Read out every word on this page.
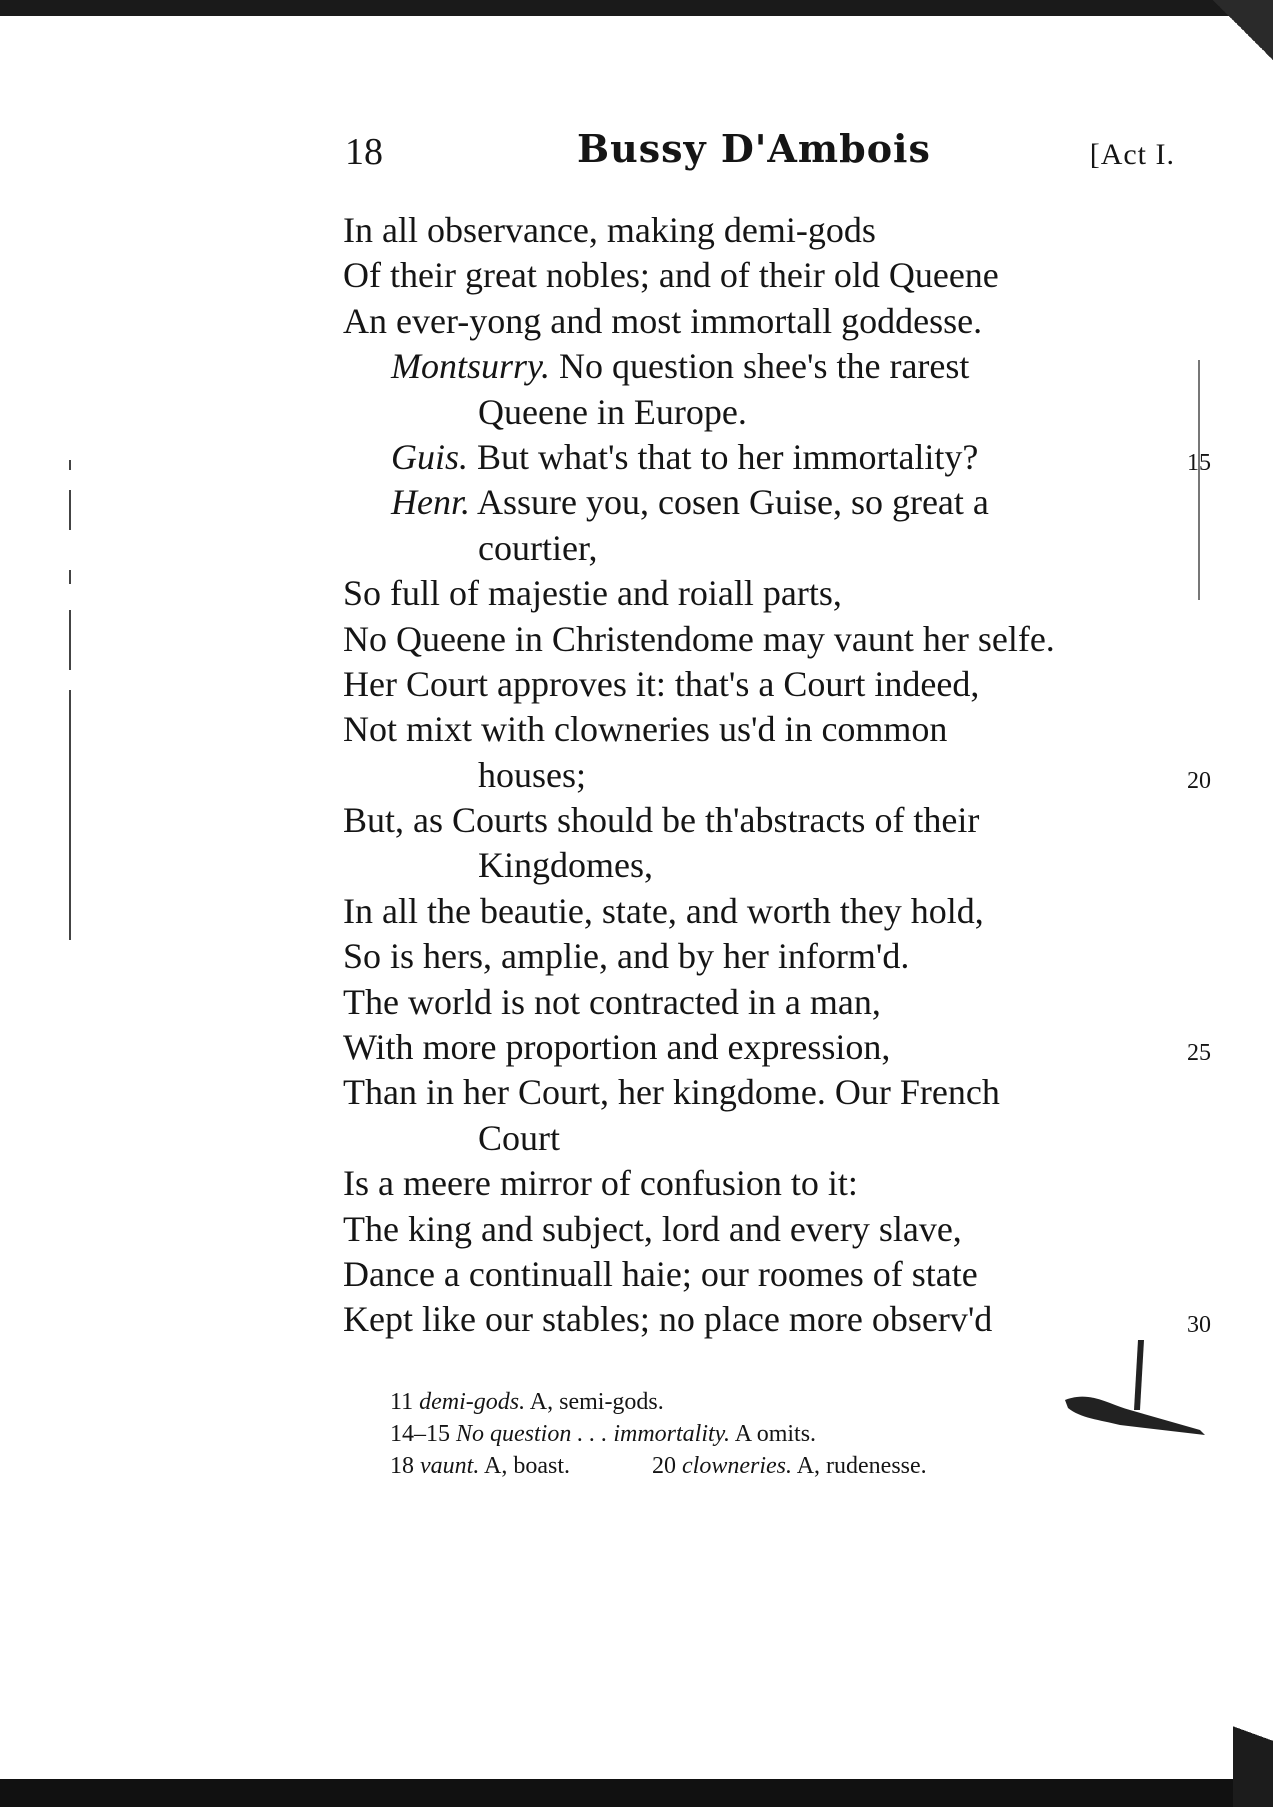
18	Bussy D'Ambois	[Act I.
In all observance, making demi-gods
Of their great nobles; and of their old Queene
An ever-yong and most immortall goddesse.
Montsurry. No question shee's the rarest
Queene in Europe.
Guis. But what's that to her immortality?	15
Henr. Assure you, cosen Guise, so great a
courtier,
So full of majestie and roiall parts,
No Queene in Christendome may vaunt her selfe.
Her Court approves it: that's a Court indeed,
Not mixt with clowneries us'd in common
houses;	20
But, as Courts should be th'abstracts of their
Kingdomes,
In all the beautie, state, and worth they hold,
So is hers, amplie, and by her inform'd.
The world is not contracted in a man,
With more proportion and expression,	25
Than in her Court, her kingdome. Our French
Court
Is a meere mirror of confusion to it:
The king and subject, lord and every slave,
Dance a continuall haie; our roomes of state
Kept like our stables; no place more observ'd	30
11 demi-gods. A, semi-gods.
14–15 No question . . . immortality. A omits.
18 vaunt. A, boast.	20 clowneries. A, rudenesse.
